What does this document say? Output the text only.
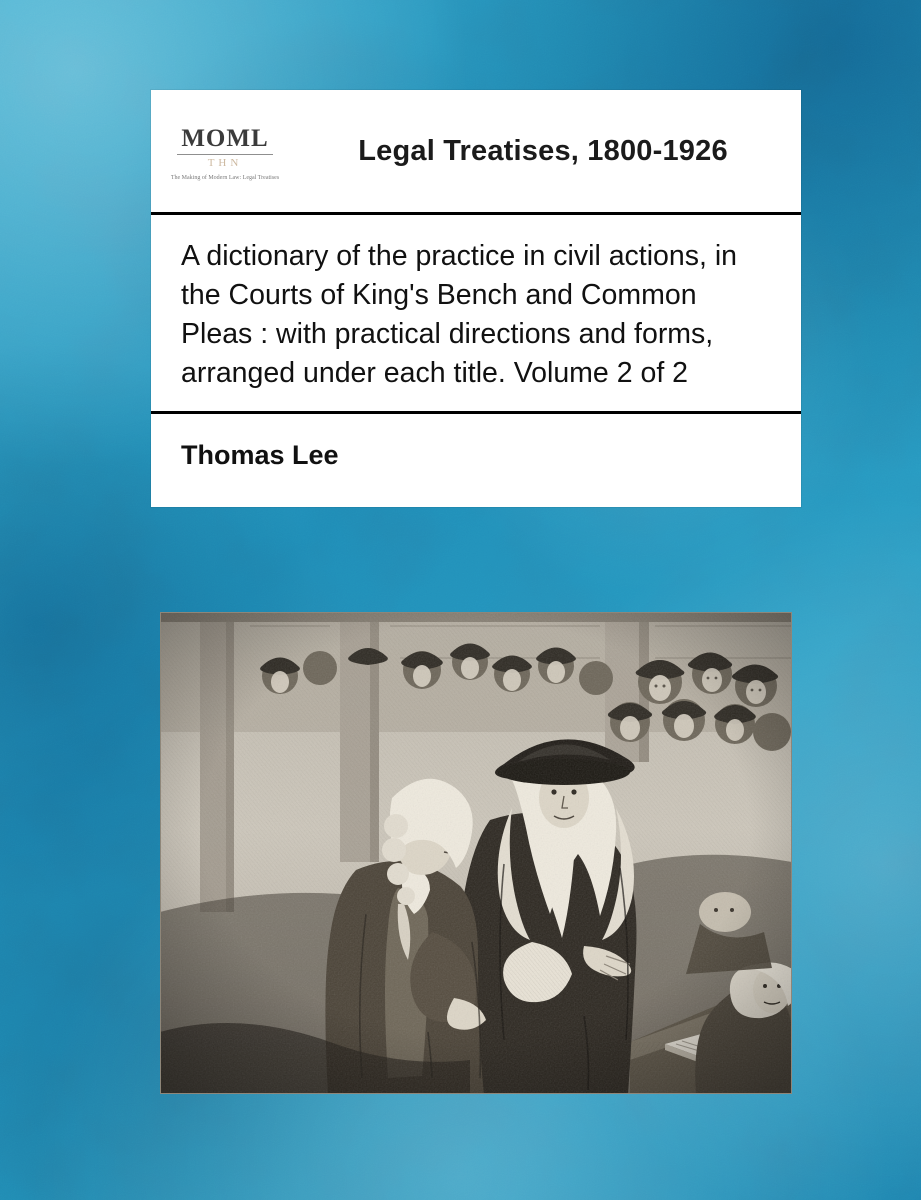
MOML
THN
The Making of Modern Law: Legal Treatises
Legal Treatises, 1800-1926
A dictionary of the practice in civil actions, in the Courts of King's Bench and Common Pleas : with practical directions and forms, arranged under each title. Volume 2 of 2

Thomas Lee
